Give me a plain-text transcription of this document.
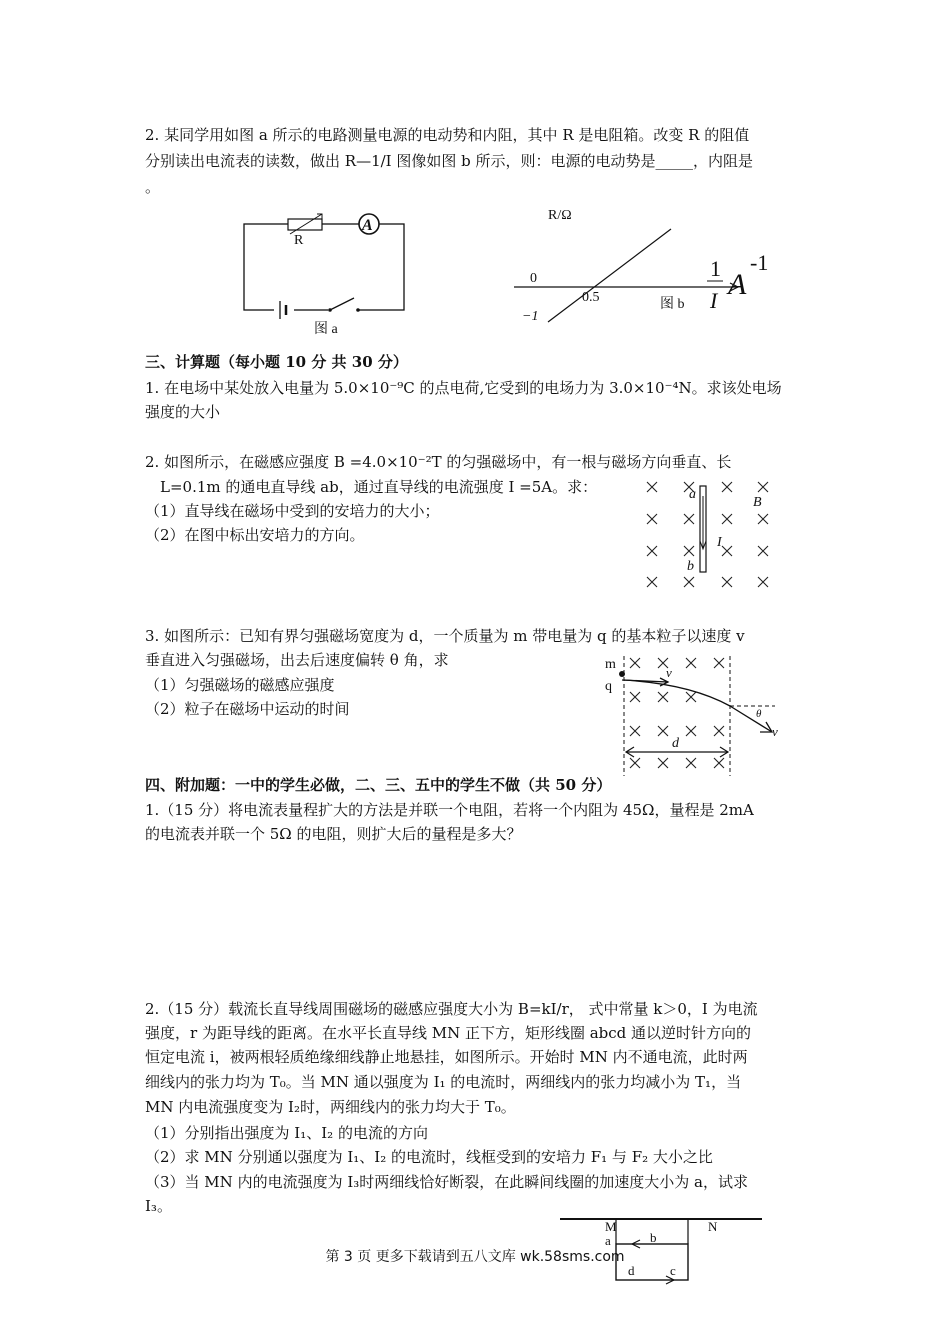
2. 某同学用如图 a 所示的电路测量电源的电动势和内阻，其中 R 是电阻箱。改变 R 的阻值
分别读出电流表的读数，做出 R—1/I 图像如图 b 所示，则：电源的电动势是_____，内阻是
。
R
A
图 a
R/Ω
0
0.5
−1
图 b
1
I A
-1
三、计算题（每小题 10 分 共 30 分）
1. 在电场中某处放入电量为 5.0×10⁻⁹C 的点电荷,它受到的电场力为 3.0×10⁻⁴N。求该处电场
强度的大小
2. 如图所示，在磁感应强度 B =4.0×10⁻²T 的匀强磁场中，有一根与磁场方向垂直、长
L=0.1m 的通电直导线 ab，通过直导线的电流强度 I =5A。求：
（1）直导线在磁场中受到的安培力的大小；
（2）在图中标出安培力的方向。
a
b
B
I
3. 如图所示：已知有界匀强磁场宽度为 d，一个质量为 m 带电量为 q 的基本粒子以速度 v
垂直进入匀强磁场，出去后速度偏转 θ 角，求
（1）匀强磁场的磁感应强度
（2）粒子在磁场中运动的时间
m
q
v
θ
v
d
四、附加题：一中的学生必做，二、三、五中的学生不做（共 50 分）
1.（15 分）将电流表量程扩大的方法是并联一个电阻，若将一个内阻为 45Ω，量程是 2mA
的电流表并联一个 5Ω 的电阻，则扩大后的量程是多大？
2.（15 分）载流长直导线周围磁场的磁感应强度大小为 B=kI/r， 式中常量 k＞0，I 为电流
强度，r 为距导线的距离。在水平长直导线 MN 正下方，矩形线圈 abcd 通以逆时针方向的
恒定电流 i，被两根轻质绝缘细线静止地悬挂，如图所示。开始时 MN 内不通电流，此时两
细线内的张力均为 T₀。当 MN 通以强度为 I₁ 的电流时，两细线内的张力均减小为 T₁，当
MN 内电流强度变为 I₂时，两细线内的张力均大于 T₀。
（1）分别指出强度为 I₁、I₂ 的电流的方向
（2）求 MN 分别通以强度为 I₁、I₂ 的电流时，线框受到的安培力 F₁ 与 F₂ 大小之比
（3）当 MN 内的电流强度为 I₃时两细线恰好断裂，在此瞬间线圈的加速度大小为 a，试求
I₃。
M	N
a	b
d	c
第 3 页 更多下载请到五八文库 wk.58sms.com
